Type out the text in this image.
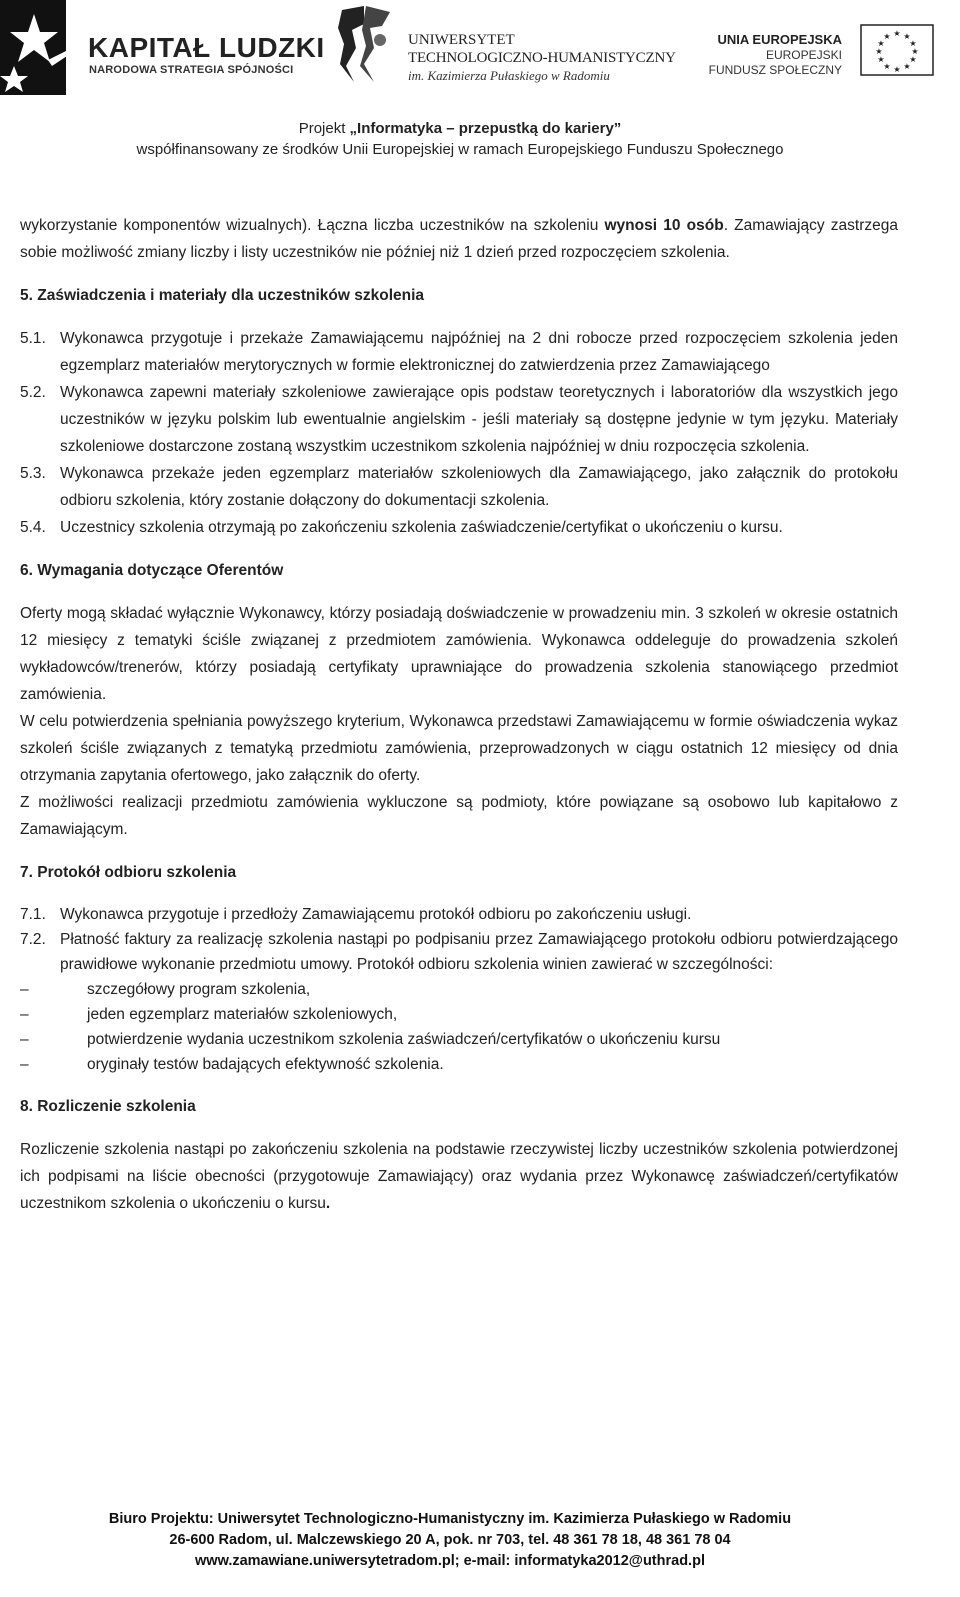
KAPITAŁ LUDZKI
NARODOWA STRATEGIA SPÓJNOŚCI
UNIWERSYTET
TECHNOLOGICZNO-HUMANISTYCZNY
im. Kazimierza Pułaskiego w Radomiu
UNIA EUROPEJSKA
EUROPEJSKI
FUNDUSZ SPOŁECZNY
★ ★
★
★
★
★
★
★
★
★
★
★
Projekt „Informatyka – przepustką do kariery”
współfinansowany ze środków Unii Europejskiej w ramach Europejskiego Funduszu Społecznego

wykorzystanie komponentów wizualnych). Łączna liczba uczestników na szkoleniu wynosi 10 osób. Zamawiający zastrzega sobie możliwość zmiany liczby i listy uczestników nie później niż 1 dzień przed rozpoczęciem szkolenia.

5. Zaświadczenia i materiały dla uczestników szkolenia
5.1. Wykonawca przygotuje i przekaże Zamawiającemu najpóźniej na 2 dni robocze przed rozpoczęciem szkolenia jeden egzemplarz materiałów merytorycznych w formie elektronicznej do zatwierdzenia przez Zamawiającego
5.2. Wykonawca zapewni materiały szkoleniowe zawierające opis podstaw teoretycznych i laboratoriów dla wszystkich jego uczestników w języku polskim lub ewentualnie angielskim - jeśli materiały są dostępne jedynie w tym języku. Materiały szkoleniowe dostarczone zostaną wszystkim uczestnikom szkolenia najpóźniej w dniu rozpoczęcia szkolenia.
5.3. Wykonawca przekaże jeden egzemplarz materiałów szkoleniowych dla Zamawiającego, jako załącznik do protokołu odbioru szkolenia, który zostanie dołączony do dokumentacji szkolenia.
5.4. Uczestnicy szkolenia otrzymają po zakończeniu szkolenia zaświadczenie/certyfikat o ukończeniu o kursu.
6. Wymagania dotyczące Oferentów

Oferty mogą składać wyłącznie Wykonawcy, którzy posiadają doświadczenie w prowadzeniu min. 3 szkoleń w okresie ostatnich 12 miesięcy z tematyki ściśle związanej z przedmiotem zamówienia. Wykonawca oddeleguje do prowadzenia szkoleń wykładowców/trenerów, którzy posiadają certyfikaty uprawniające do prowadzenia szkolenia stanowiącego przedmiot zamówienia.

W celu potwierdzenia spełniania powyższego kryterium, Wykonawca przedstawi Zamawiającemu w formie oświadczenia wykaz szkoleń ściśle związanych z tematyką przedmiotu zamówienia, przeprowadzonych w ciągu ostatnich 12 miesięcy od dnia otrzymania zapytania ofertowego, jako załącznik do oferty.

Z możliwości realizacji przedmiotu zamówienia wykluczone są podmioty, które powiązane są osobowo lub kapitałowo z Zamawiającym.

7. Protokół odbioru szkolenia
7.1. Wykonawca przygotuje i przedłoży Zamawiającemu protokół odbioru po zakończeniu usługi.
7.2. Płatność faktury za realizację szkolenia nastąpi po podpisaniu przez Zamawiającego protokołu odbioru potwierdzającego prawidłowe wykonanie przedmiotu umowy. Protokół odbioru szkolenia winien zawierać w szczególności:
–	szczegółowy program szkolenia,
–	jeden egzemplarz materiałów szkoleniowych,
–	potwierdzenie wydania uczestnikom szkolenia zaświadczeń/certyfikatów o ukończeniu kursu
–	oryginały testów badających efektywność szkolenia.
8. Rozliczenie szkolenia

Rozliczenie szkolenia nastąpi po zakończeniu szkolenia na podstawie rzeczywistej liczby uczestników szkolenia potwierdzonej ich podpisami na liście obecności (przygotowuje Zamawiający) oraz wydania przez Wykonawcę zaświadczeń/certyfikatów uczestnikom szkolenia o ukończeniu o kursu.

Biuro Projektu: Uniwersytet Technologiczno-Humanistyczny im. Kazimierza Pułaskiego w Radomiu
26-600 Radom, ul. Malczewskiego 20 A, pok. nr 703, tel. 48 361 78 18, 48 361 78 04
www.zamawiane.uniwersytetradom.pl; e-mail: informatyka2012@uthrad.pl
